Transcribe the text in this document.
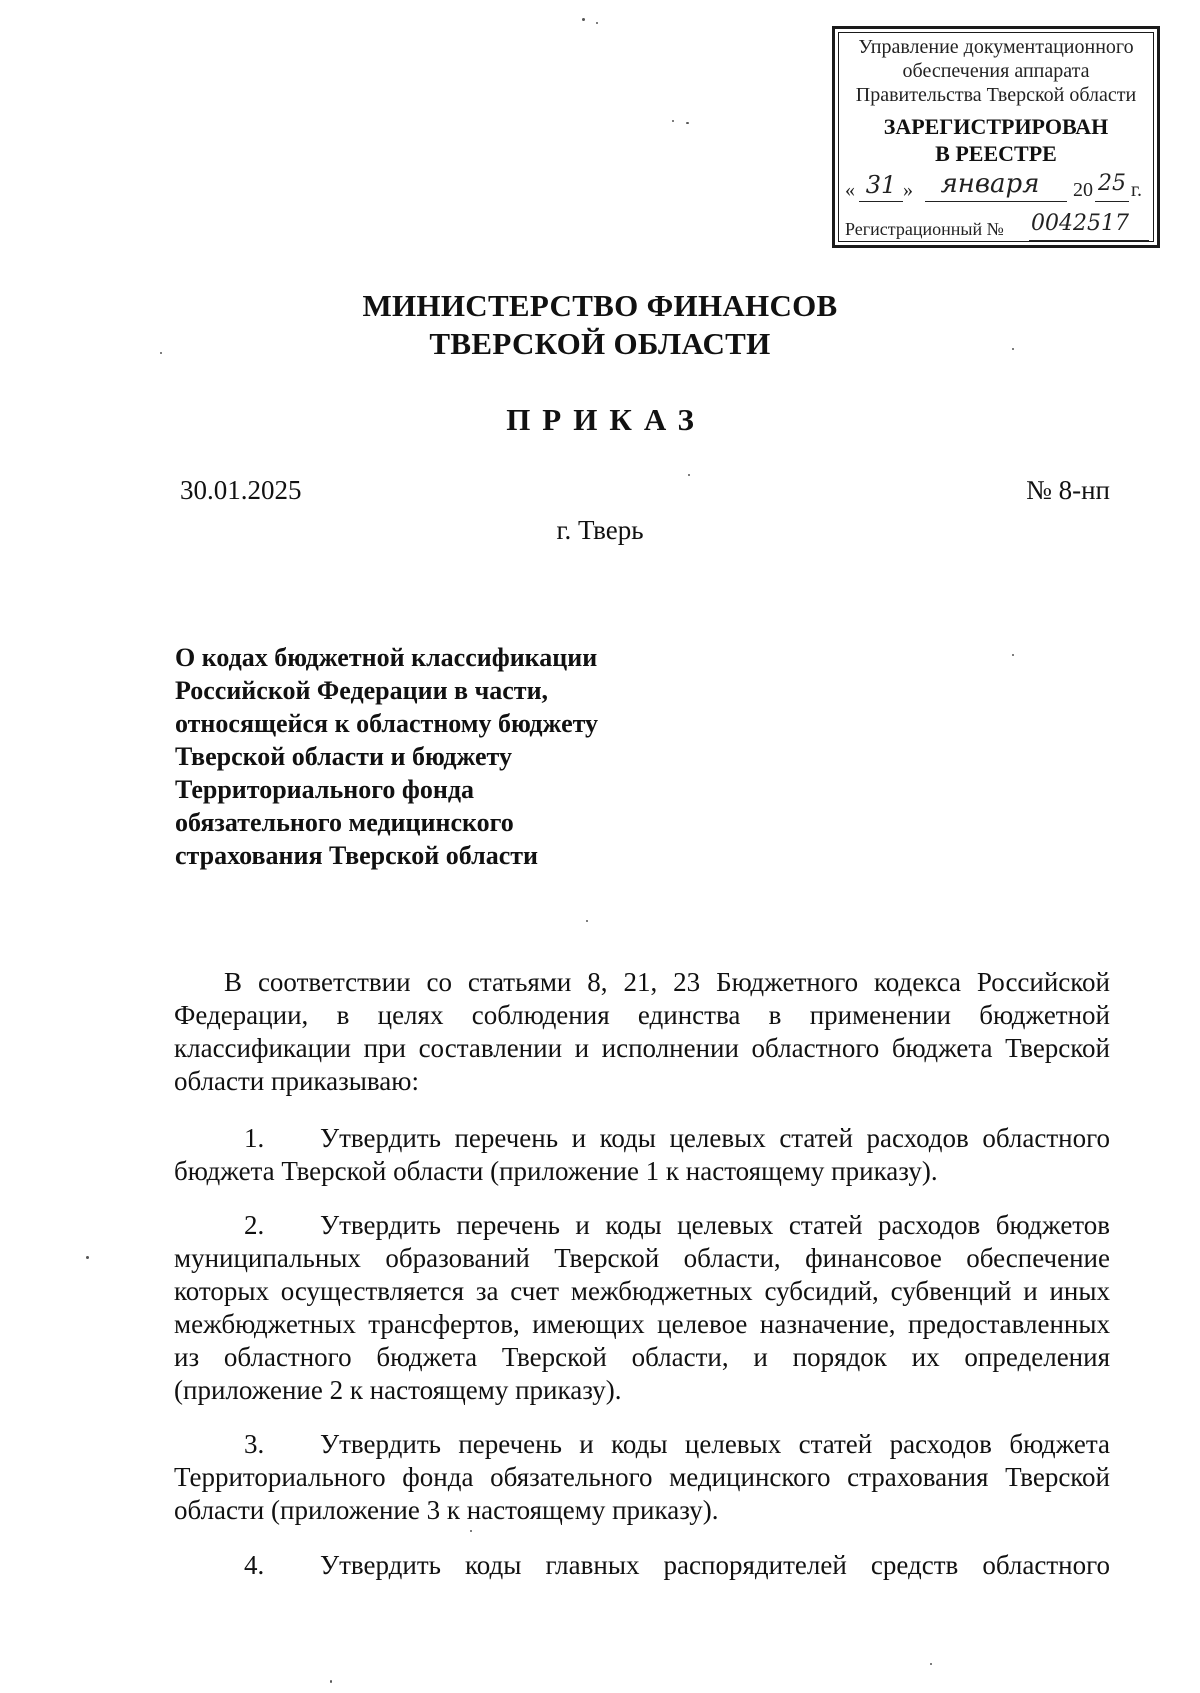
Управление документационного
обеспечения аппарата
Правительства Тверской области
ЗАРЕГИСТРИРОВАН
В РЕЕСТРЕ
« 31 »	января	20 25 г.
Регистрационный № 0042517
МИНИСТЕРСТВО ФИНАНСОВ
ТВЕРСКОЙ ОБЛАСТИ
ПРИКАЗ
30.01.2025	№ 8-нп
г. Тверь
О кодах бюджетной классификации
Российской Федерации в части,
относящейся к областному бюджету
Тверской области и бюджету
Территориального фонда
обязательного медицинского
страхования Тверской области

В соответствии со статьями 8, 21, 23 Бюджетного кодекса Российской Федерации, в целях соблюдения единства в применении бюджетной классификации при составлении и исполнении областного бюджета Тверской области приказываю:

1. Утвердить перечень и коды целевых статей расходов областного бюджета Тверской области (приложение 1 к настоящему приказу).

2. Утвердить перечень и коды целевых статей расходов бюджетов муниципальных образований Тверской области, финансовое обеспечение которых осуществляется за счет межбюджетных субсидий, субвенций и иных межбюджетных трансфертов, имеющих целевое назначение, предоставленных из областного бюджета Тверской области, и порядок их определения (приложение 2 к настоящему приказу).

3. Утвердить перечень и коды целевых статей расходов бюджета Территориального фонда обязательного медицинского страхования Тверской области (приложение 3 к настоящему приказу).

4. Утвердить коды главных распорядителей средств областного
